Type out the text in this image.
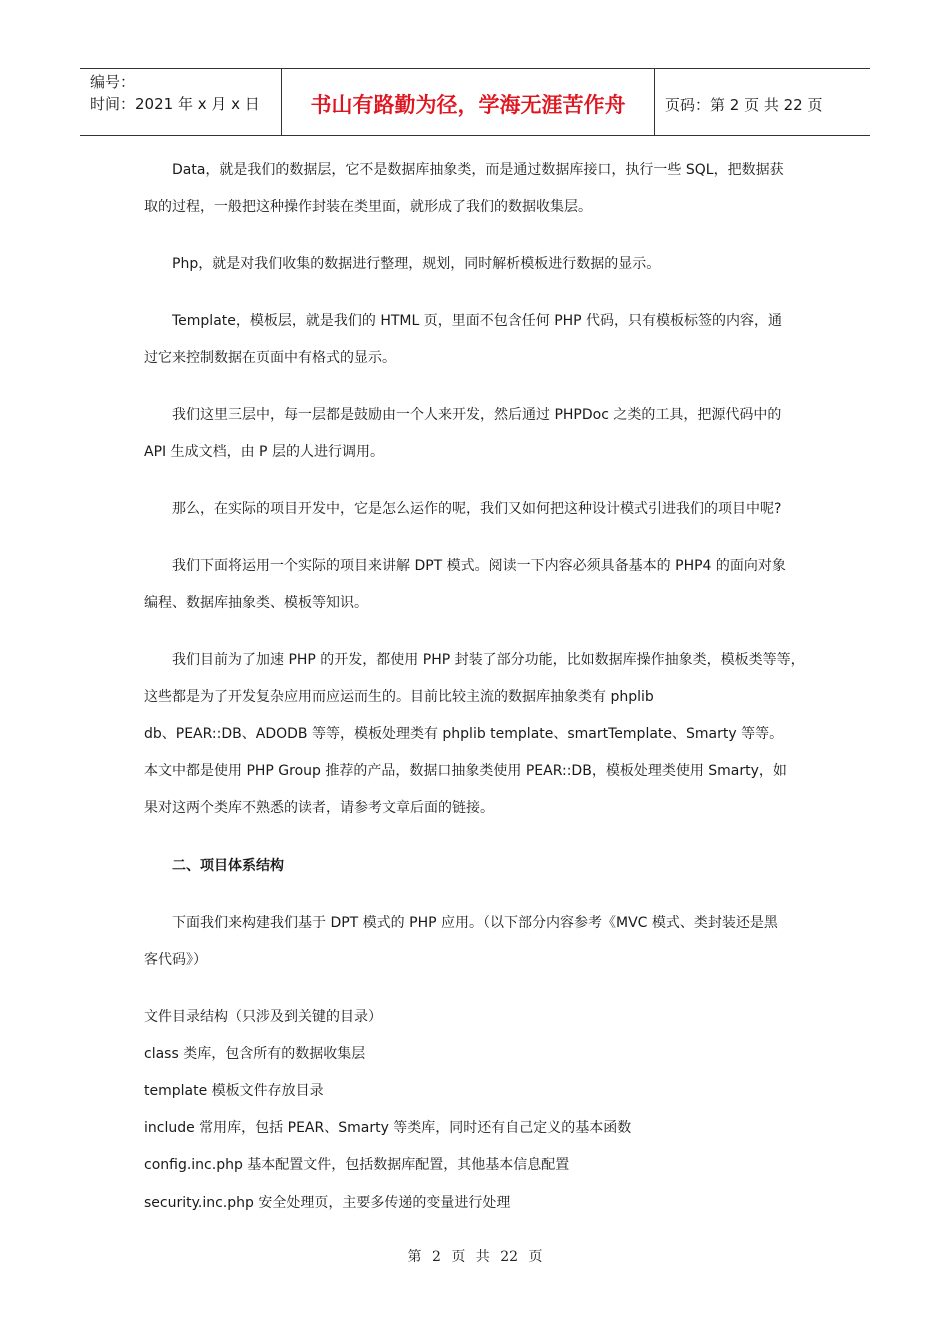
编号：
时间：2021 年 x 月 x 日	书山有路勤为径，学海无涯苦作舟	页码：第 2 页 共 22 页
Data，就是我们的数据层，它不是数据库抽象类，而是通过数据库接口，执行一些 SQL，把数据获
取的过程，一般把这种操作封装在类里面，就形成了我们的数据收集层。
Php，就是对我们收集的数据进行整理，规划，同时解析模板进行数据的显示。
Template，模板层，就是我们的 HTML 页，里面不包含任何 PHP 代码，只有模板标签的内容，通
过它来控制数据在页面中有格式的显示。
我们这里三层中，每一层都是鼓励由一个人来开发，然后通过 PHPDoc 之类的工具，把源代码中的
API 生成文档，由 P 层的人进行调用。
那么，在实际的项目开发中，它是怎么运作的呢，我们又如何把这种设计模式引进我们的项目中呢?
我们下面将运用一个实际的项目来讲解 DPT 模式。阅读一下内容必须具备基本的 PHP4 的面向对象
编程、数据库抽象类、模板等知识。
我们目前为了加速 PHP 的开发，都使用 PHP 封装了部分功能，比如数据库操作抽象类，模板类等等，
这些都是为了开发复杂应用而应运而生的。目前比较主流的数据库抽象类有 phplib
db、PEAR::DB、ADODB 等等，模板处理类有 phplib template、smartTemplate、Smarty 等等。
本文中都是使用 PHP Group 推荐的产品，数据口抽象类使用 PEAR::DB，模板处理类使用 Smarty，如
果对这两个类库不熟悉的读者，请参考文章后面的链接。
二、项目体系结构
下面我们来构建我们基于 DPT 模式的 PHP 应用。（以下部分内容参考《MVC 模式、类封装还是黑
客代码》）
文件目录结构（只涉及到关键的目录）
class 类库，包含所有的数据收集层
template 模板文件存放目录
include 常用库，包括 PEAR、Smarty 等类库，同时还有自己定义的基本函数
config.inc.php 基本配置文件，包括数据库配置，其他基本信息配置
security.inc.php 安全处理页，主要多传递的变量进行处理
第 2 页 共 22 页
